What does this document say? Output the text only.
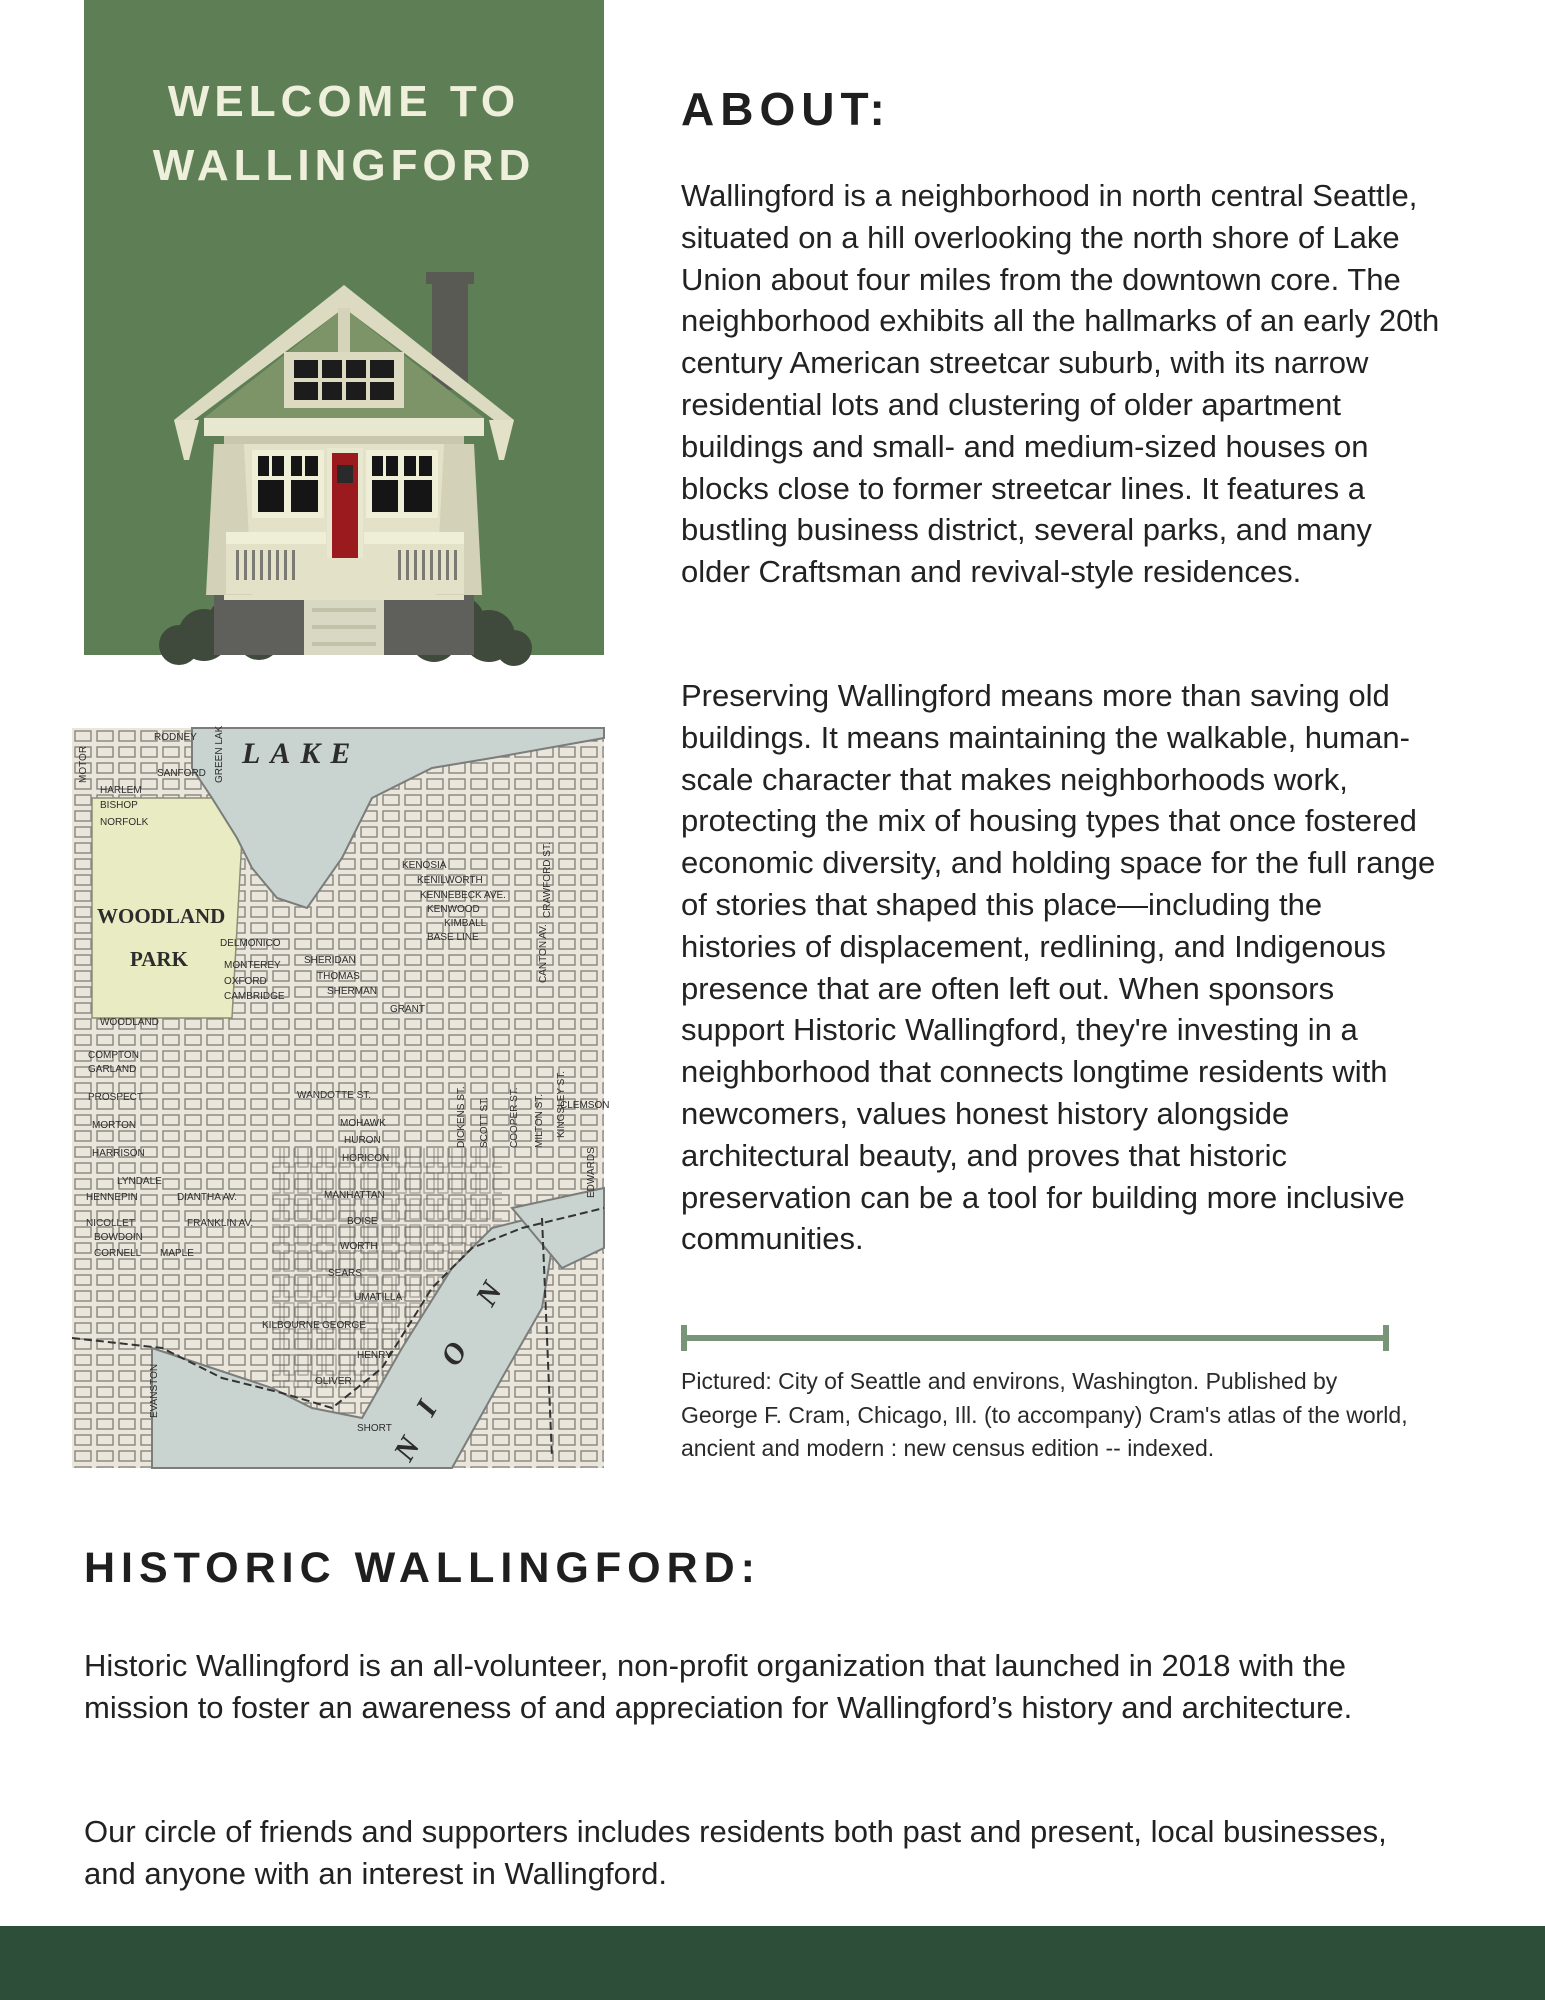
WELCOME TO
WALLINGFORD
LAKE
WOODLAND
PARK
N
O
I
N
RODNEY
SANFORD GREEN LAK
HARLEM
BISHOP
NORFOLK
MOTOR
DELMONICO
MONTEREY
OXFORD
CAMBRIDGE
SHERIDAN
THOMAS
SHERMAN
GRANT
KENOSIA
KENILWORTH
KENNEBECK AVE.
KENWOOD
KIMBALL
BASE LINE	CANTON AV.
CRAWFORD ST.
WOODLAND
COMPTON
GARLAND
PROSPECT
MORTON
HARRISON
LYNDALE
HENNEPIN
NICOLLET
BOWDOIN
CORNELL MAPLE
DIANTHA AV.
FRANKLIN AV.
WANDOTTE ST.
MOHAWK
HURON
HORICON
MANHATTAN
BOISE
WORTH
SEARS
UMATILLA
KILBOURNE GEORGE
HENRY
OLIVER
SHORT
EVANSTON
DICKENS ST. SCOTT ST. COOPER ST. MILTON ST. KINGSLEY ST.
CLEMSON
EDWARDS
ABOUT:

Wallingford is a neighborhood in north central Seattle, situated on a hill overlooking the north shore of Lake Union about four miles from the downtown core. The neighborhood exhibits all the hallmarks of an early 20th century American streetcar suburb, with its narrow residential lots and clustering of older apartment buildings and small- and medium-sized houses on blocks close to former streetcar lines. It features a bustling business district, several parks, and many older Craftsman and revival-style residences.

Preserving Wallingford means more than saving old buildings. It means maintaining the walkable, human-scale character that makes neighborhoods work, protecting the mix of housing types that once fostered economic diversity, and holding space for the full range of stories that shaped this place—including the histories of displacement, redlining, and Indigenous presence that are often left out. When sponsors support Historic Wallingford, they're investing in a neighborhood that connects longtime residents with newcomers, values honest history alongside architectural beauty, and proves that historic preservation can be a tool for building more inclusive communities.

Pictured: City of Seattle and environs, Washington. Published by George F. Cram, Chicago, Ill. (to accompany) Cram's atlas of the world, ancient and modern : new census edition -- indexed.

HISTORIC WALLINGFORD:

Historic Wallingford is an all-volunteer, non-profit organization that launched in 2018 with the mission to foster an awareness of and appreciation for Wallingford’s history and architecture.

Our circle of friends and supporters includes residents both past and present, local businesses, and anyone with an interest in Wallingford.
